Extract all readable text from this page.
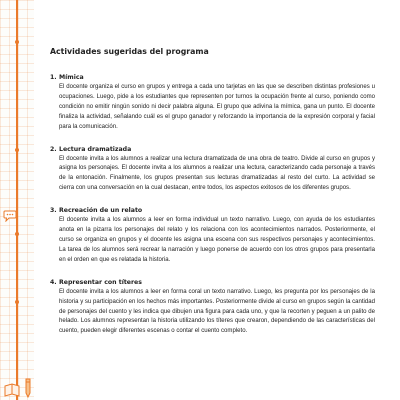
Actividades sugeridas del programa
1. Mímica

El docente organiza el curso en grupos y entrega a cada uno tarjetas en las que se describen distintas profesiones u ocupaciones. Luego, pide a los estudiantes que representen por turnos la ocupación frente al curso, poniendo como condición no emitir ningún sonido ni decir palabra alguna. El grupo que adivina la mímica, gana un punto. El docente finaliza la actividad, señalando cuál es el grupo ganador y reforzando la importancia de la expresión corporal y facial para la comunicación.

2. Lectura dramatizada

El docente invita a los alumnos a realizar una lectura dramatizada de una obra de teatro. Divide al curso en grupos y asigna los personajes. El docente invita a los alumnos a realizar una lectura, caracterizando cada personaje a través de la entonación. Finalmente, los grupos presentan sus lecturas dramatizadas al resto del curto. La actividad se cierra con una conversación en la cual destacan, entre todos, los aspectos exitosos de los diferentes grupos.

3. Recreación de un relato

El docente invita a los alumnos a leer en forma individual un texto narrativo. Luego, con ayuda de los estudiantes anota en la pizarra los personajes del relato y los relaciona con los acontecimientos narrados. Posteriormente, el curso se organiza en grupos y el docente les asigna una escena con sus respectivos personajes y acontecimientos. La tarea de los alumnos será recrear la narración y luego ponerse de acuerdo con los otros grupos para presentarla en el orden en que es relatada la historia.

4. Representar con títeres

El docente invita a los alumnos a leer en forma coral un texto narrativo. Luego, les pregunta por los personajes de la historia y su participación en los hechos más importantes. Posteriormente divide al curso en grupos según la cantidad de personajes del cuento y les indica que dibujen una figura para cada uno, y que la recorten y peguen a un palito de helado. Los alumnos representan la historia utilizando los títeres que crearon, dependiendo de las características del cuento, pueden elegir diferentes escenas o contar el cuento completo.
